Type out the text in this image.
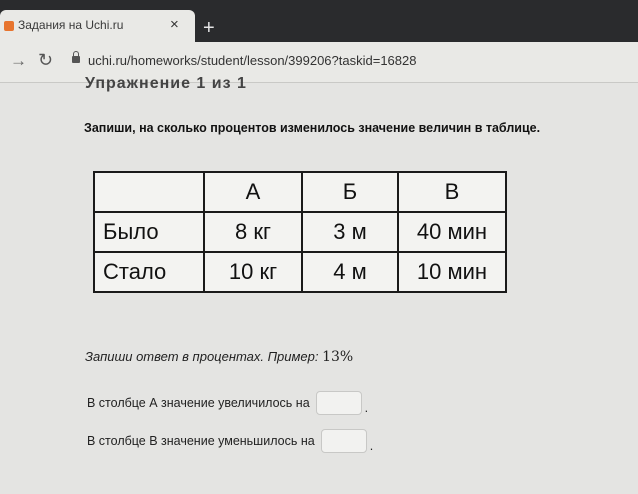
Задания на Uchi.ru	× +
→ ↻	uchi.ru/homeworks/student/lesson/399206?taskid=16828
Упражнение 1 из 1
Запиши, на сколько процентов изменилось значение величин в таблице.
	А	Б	В
Было	8 кг	3 м	40 мин
Стало	10 кг	4 м	10 мин
Запиши ответ в процентах. Пример: 13%
В столбце А значение увеличилось на	.
В столбце В значение уменьшилось на	.
